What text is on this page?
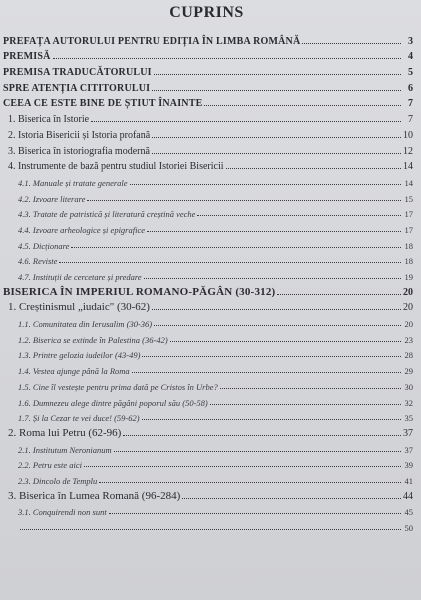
CUPRINS
PREFAȚA AUTORULUI PENTRU EDIȚIA ÎN LIMBA ROMÂNĂ	3
PREMISĂ	4
PREMISA TRADUCĂTORULUI	5
SPRE ATENȚIA CITITORULUI	6
CEEA CE ESTE BINE DE ȘTIUT ÎNAINTE	7
1. Biserica în Istorie	7
2. Istoria Bisericii și Istoria profană	10
3. Biserica în istoriografia modernă	12
4. Instrumente de bază pentru studiul Istoriei Bisericii	14
4.1. Manuale și tratate generale	14
4.2. Izvoare literare	15
4.3. Tratate de patristică și literatură creștină veche	17
4.4. Izvoare arheologice și epigrafice	17
4.5. Dicționare	18
4.6. Reviste	18
4.7. Instituții de cercetare și predare	19
BISERICA ÎN IMPERIUL ROMANO-PĂGÂN (30-312)	20
1. Creștinismul „iudaic" (30-62)	20
1.1. Comunitatea din Ierusalim (30-36)	20
1.2. Biserica se extinde în Palestina (36-42)	23
1.3. Printre gelozia iudeilor (43-49)	28
1.4. Vestea ajunge până la Roma	29
1.5. Cine îl vestește pentru prima dată pe Cristos în Urbe?	30
1.6. Dumnezeu alege dintre păgâni poporul său (50-58)	32
1.7. Și la Cezar te vei duce! (59-62)	35
2. Roma lui Petru (62-96)	37
2.1. Institutum Neronianum	37
2.2. Petru este aici	39
2.3. Dincolo de Templu	41
3. Biserica în Lumea Romană (96-284)	44
3.1. Conquirendi non sunt	45
50
